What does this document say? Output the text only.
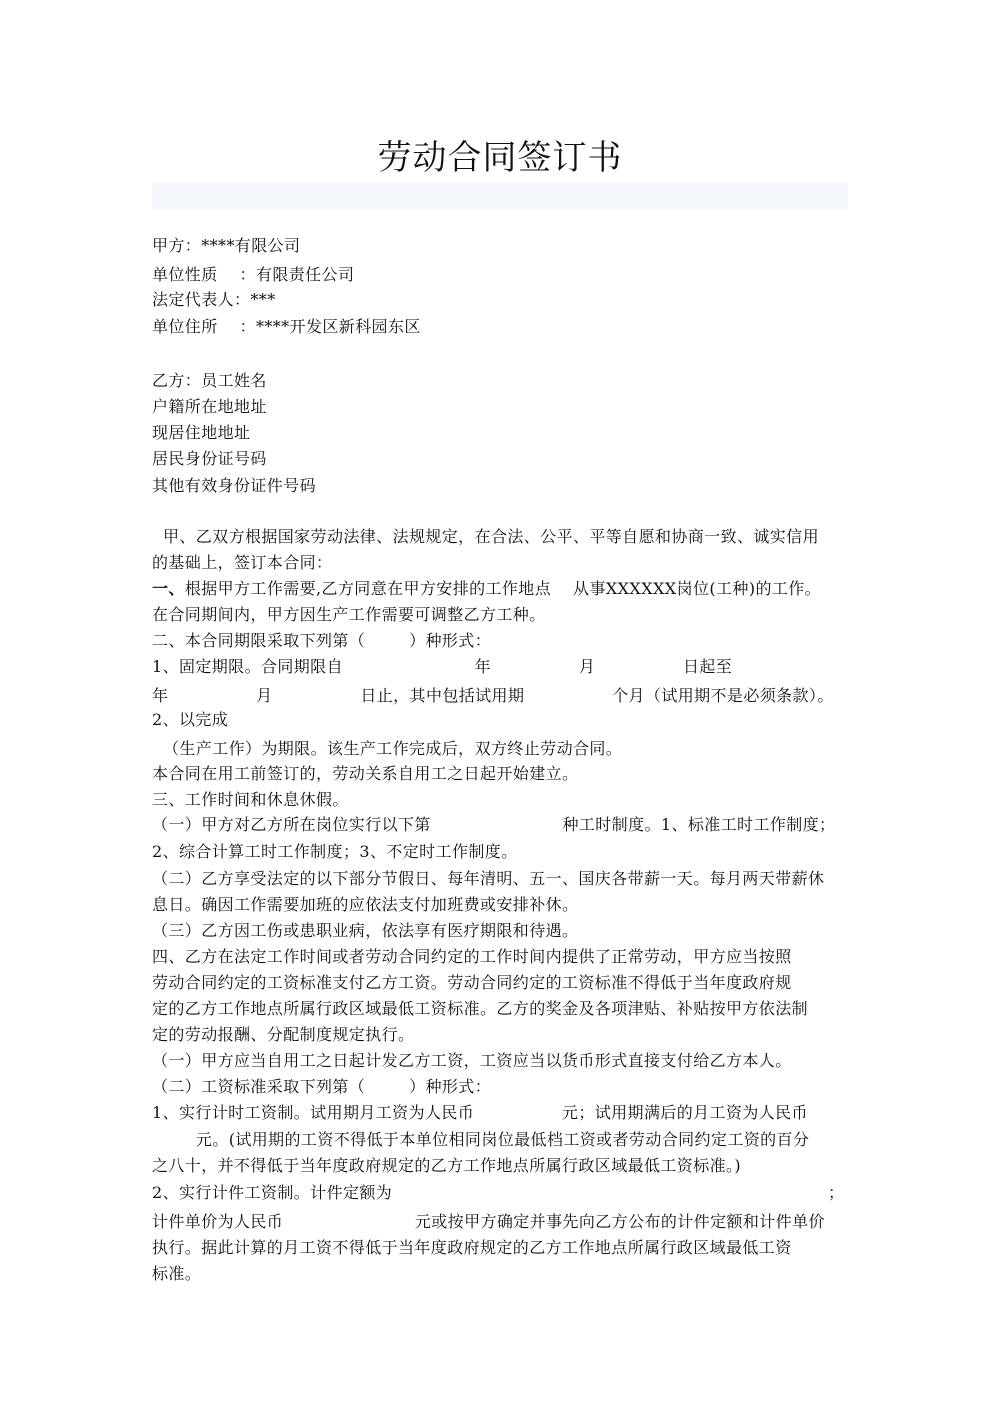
劳动合同签订书
甲方：****有限公司
单位性质    ：有限责任公司
法定代表人：***
单位住所    ：****开发区新科园东区
乙方：员工姓名
户籍所在地地址
现居住地地址
居民身份证号码
其他有效身份证件号码
甲、乙双方根据国家劳动法律、法规规定，在合法、公平、平等自愿和协商一致、诚实信用
的基础上，签订本合同：
一、根据甲方工作需要,乙方同意在甲方安排的工作地点    从事XXXXXX岗位(工种)的工作。
在合同期间内，甲方因生产工作需要可调整乙方工种。
二、本合同期限采取下列第（        ）种形式：
1、固定期限。合同期限自                        年                月                日起至
年                月                日止，其中包括试用期                个月（试用期不是必须条款）。
2、以完成
（生产工作）为期限。该生产工作完成后，双方终止劳动合同。
本合同在用工前签订的，劳动关系自用工之日起开始建立。
三、工作时间和休息休假。
（一）甲方对乙方所在岗位实行以下第                        种工时制度。1、标准工时工作制度；
2、综合计算工时工作制度；3、不定时工作制度。
（二）乙方享受法定的以下部分节假日、每年清明、五一、国庆各带薪一天。每月两天带薪休
息日。确因工作需要加班的应依法支付加班费或安排补休。
（三）乙方因工伤或患职业病，依法享有医疗期限和待遇。
四、乙方在法定工作时间或者劳动合同约定的工作时间内提供了正常劳动，甲方应当按照
劳动合同约定的工资标准支付乙方工资。劳动合同约定的工资标准不得低于当年度政府规
定的乙方工作地点所属行政区域最低工资标准。乙方的奖金及各项津贴、补贴按甲方依法制
定的劳动报酬、分配制度规定执行。
（一）甲方应当自用工之日起计发乙方工资，工资应当以货币形式直接支付给乙方本人。
（二）工资标准采取下列第（        ）种形式：
1、实行计时工资制。试用期月工资为人民币                元；试用期满后的月工资为人民币
元。(试用期的工资不得低于本单位相同岗位最低档工资或者劳动合同约定工资的百分
之八十，并不得低于当年度政府规定的乙方工作地点所属行政区域最低工资标准。)
2、实行计件工资制。计件定额为	；
计件单价为人民币                        元或按甲方确定并事先向乙方公布的计件定额和计件单价
执行。据此计算的月工资不得低于当年度政府规定的乙方工作地点所属行政区域最低工资
标准。
